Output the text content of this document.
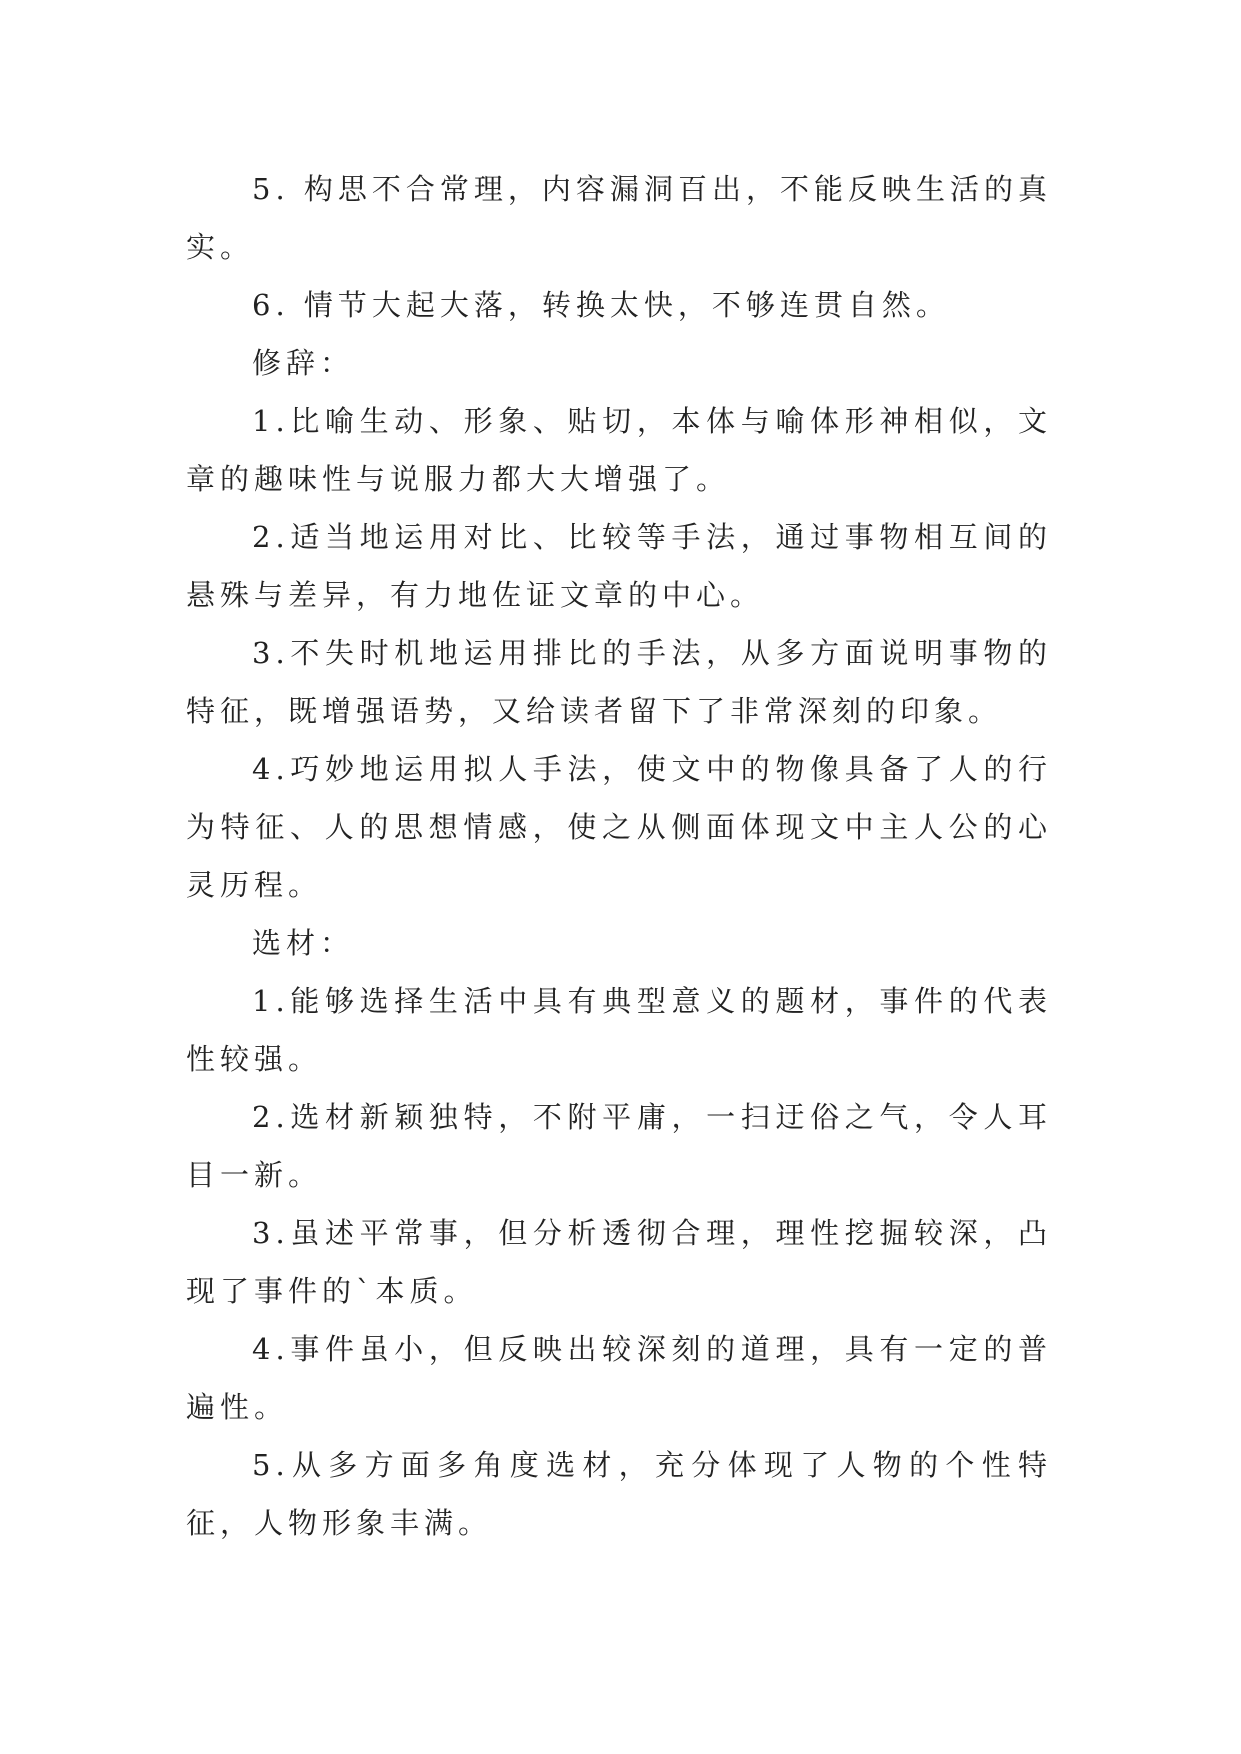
5. 构思不合常理，内容漏洞百出，不能反映生活的真实。

6. 情节大起大落，转换太快，不够连贯自然。

修辞：

1.比喻生动、形象、贴切，本体与喻体形神相似，文章的趣味性与说服力都大大增强了。

2.适当地运用对比、比较等手法，通过事物相互间的悬殊与差异，有力地佐证文章的中心。

3.不失时机地运用排比的手法，从多方面说明事物的特征，既增强语势，又给读者留下了非常深刻的印象。

4.巧妙地运用拟人手法，使文中的物像具备了人的行为特征、人的思想情感，使之从侧面体现文中主人公的心灵历程。

选材：

1.能够选择生活中具有典型意义的题材，事件的代表性较强。

2.选材新颖独特，不附平庸，一扫迂俗之气，令人耳目一新。

3.虽述平常事，但分析透彻合理，理性挖掘较深，凸现了事件的`本质。

4.事件虽小，但反映出较深刻的道理，具有一定的普遍性。

5.从多方面多角度选材，充分体现了人物的个性特征，人物形象丰满。
